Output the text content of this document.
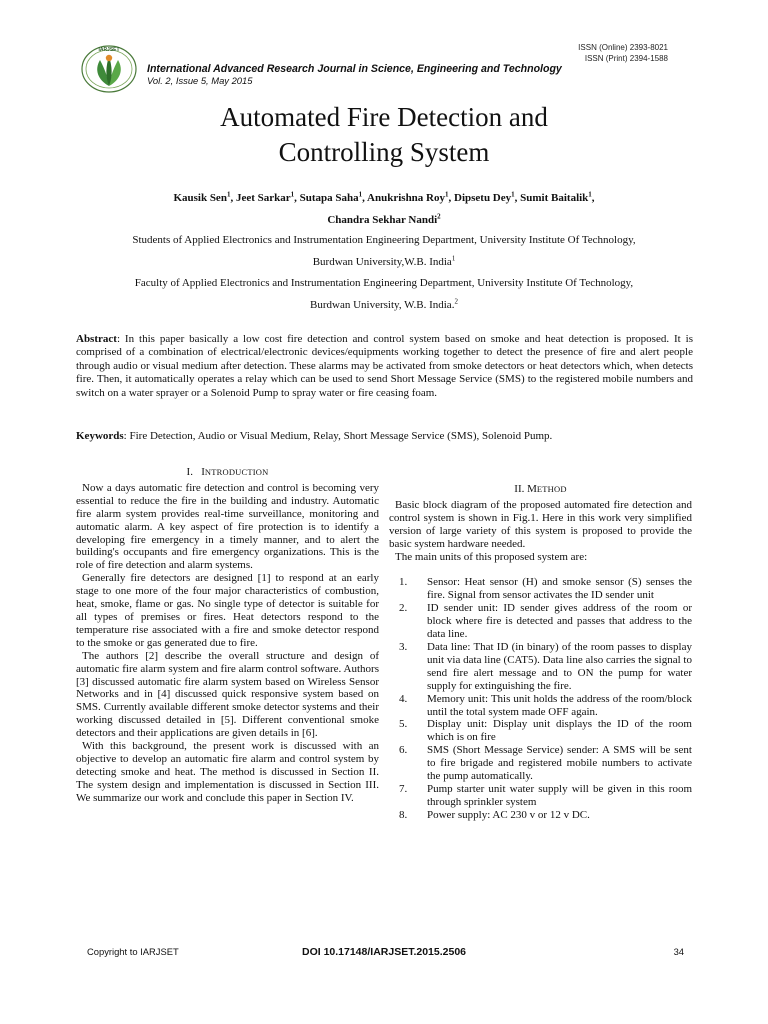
ISSN (Online) 2393-8021
ISSN (Print) 2394-1588
IARJSET
International Advanced Research Journal in Science, Engineering and Technology
Vol. 2, Issue 5, May 2015
Automated Fire Detection and
Controlling System
Kausik Sen$^1$, Jeet Sarkar$^1$, Sutapa Saha$^1$, Anukrishna Roy$^1$, Dipsetu Dey$^1$, Sumit Baitalik$^1$,
Chandra Sekhar Nandi$^2$
Students of Applied Electronics and Instrumentation Engineering Department, University Institute Of Technology,
Burdwan University,W.B. India$^1$
Faculty of Applied Electronics and Instrumentation Engineering Department, University Institute Of Technology,
Burdwan University, W.B. India.$^2$
Abstract: In this paper basically a low cost fire detection and control system based on smoke and heat detection is proposed. It is comprised of a combination of electrical/electronic devices/equipments working together to detect the presence of fire and alert people through audio or visual medium after detection. These alarms may be activated from smoke detectors or heat detectors which, when detects fire. Then, it automatically operates a relay which can be used to send Short Message Service (SMS) to the registered mobile numbers and switch on a water sprayer or a Solenoid Pump to spray water or fire ceasing foam.
Keywords: Fire Detection, Audio or Visual Medium, Relay, Short Message Service (SMS), Solenoid Pump.
I. INTRODUCTION

Now a days automatic fire detection and control is becoming very essential to reduce the fire in the building and industry. Automatic fire alarm system provides real-time surveillance, monitoring and automatic alarm. A key aspect of fire protection is to identify a developing fire emergency in a timely manner, and to alert the building's occupants and fire emergency organizations. This is the role of fire detection and alarm systems.

Generally fire detectors are designed [1] to respond at an early stage to one more of the four major characteristics of combustion, heat, smoke, flame or gas. No single type of detector is suitable for all types of premises or fires. Heat detectors respond to the temperature rise associated with a fire and smoke detector respond to the smoke or gas generated due to fire.

The authors [2] describe the overall structure and design of automatic fire alarm system and fire alarm control software. Authors [3] discussed automatic fire alarm system based on Wireless Sensor Networks and in [4] discussed quick responsive system based on SMS. Currently available different smoke detector systems and their working discussed detailed in [5]. Different conventional smoke detectors and their applications are given details in [6].

With this background, the present work is discussed with an objective to develop an automatic fire alarm and control system by detecting smoke and heat. The method is discussed in Section II. The system design and implementation is discussed in Section III. We summarize our work and conclude this paper in Section IV.

II. METHOD

Basic block diagram of the proposed automated fire detection and control system is shown in Fig.1. Here in this work very simplified version of large variety of this system is proposed to provide the basic system hardware needed.

The main units of this proposed system are:

1.	Sensor: Heat sensor (H) and smoke sensor (S) senses the fire. Signal from sensor activates the ID sender unit
2.	ID sender unit: ID sender gives address of the room or block where fire is detected and passes that address to the data line.
3.	Data line: That ID (in binary) of the room passes to display unit via data line (CAT5). Data line also carries the signal to send fire alert message and to ON the pump for water supply for extinguishing the fire.
4.	Memory unit: This unit holds the address of the room/block until the total system made OFF again.
5.	Display unit: Display unit displays the ID of the room which is on fire
6.	SMS (Short Message Service) sender: A SMS will be sent to fire brigade and registered mobile numbers to activate the pump automatically.
7.	Pump starter unit water supply will be given in this room through sprinkler system
8.	Power supply: AC 230 v or 12 v DC.
Copyright to IARJSET	DOI 10.17148/IARJSET.2015.2506	34
